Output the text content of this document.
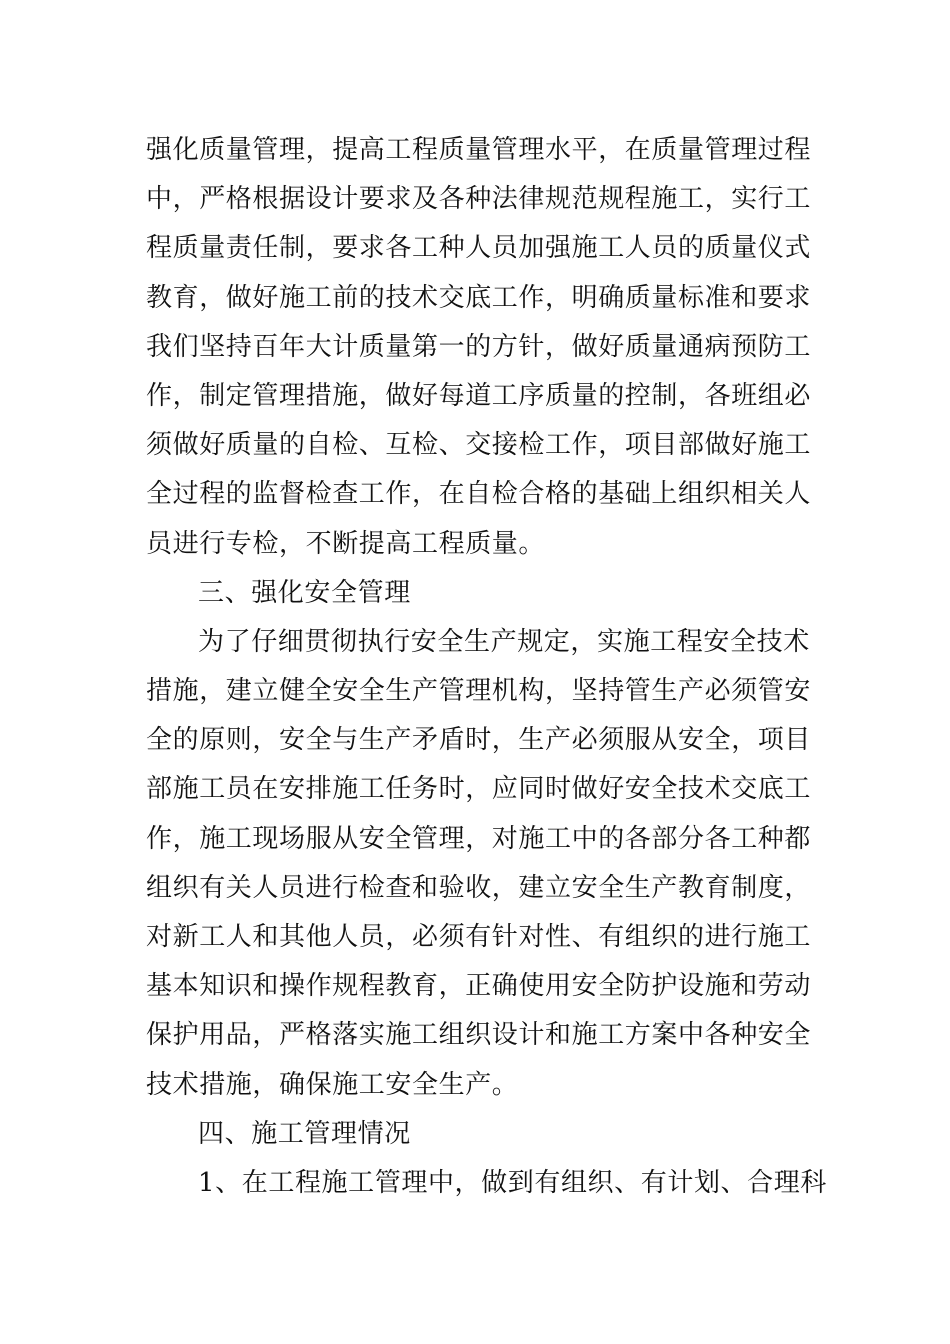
强化质量管理，提高工程质量管理水平，在质量管理过程
中，严格根据设计要求及各种法律规范规程施工，实行工
程质量责任制，要求各工种人员加强施工人员的质量仪式
教育，做好施工前的技术交底工作，明确质量标准和要求
我们坚持百年大计质量第一的方针，做好质量通病预防工
作，制定管理措施，做好每道工序质量的控制，各班组必
须做好质量的自检、互检、交接检工作，项目部做好施工
全过程的监督检查工作，在自检合格的基础上组织相关人
员进行专检，不断提高工程质量。
三、强化安全管理
为了仔细贯彻执行安全生产规定，实施工程安全技术
措施，建立健全安全生产管理机构，坚持管生产必须管安
全的原则，安全与生产矛盾时，生产必须服从安全，项目
部施工员在安排施工任务时，应同时做好安全技术交底工
作，施工现场服从安全管理，对施工中的各部分各工种都
组织有关人员进行检查和验收，建立安全生产教育制度，
对新工人和其他人员，必须有针对性、有组织的进行施工
基本知识和操作规程教育，正确使用安全防护设施和劳动
保护用品，严格落实施工组织设计和施工方案中各种安全
技术措施，确保施工安全生产。
四、施工管理情况
1、在工程施工管理中，做到有组织、有计划、合理科
